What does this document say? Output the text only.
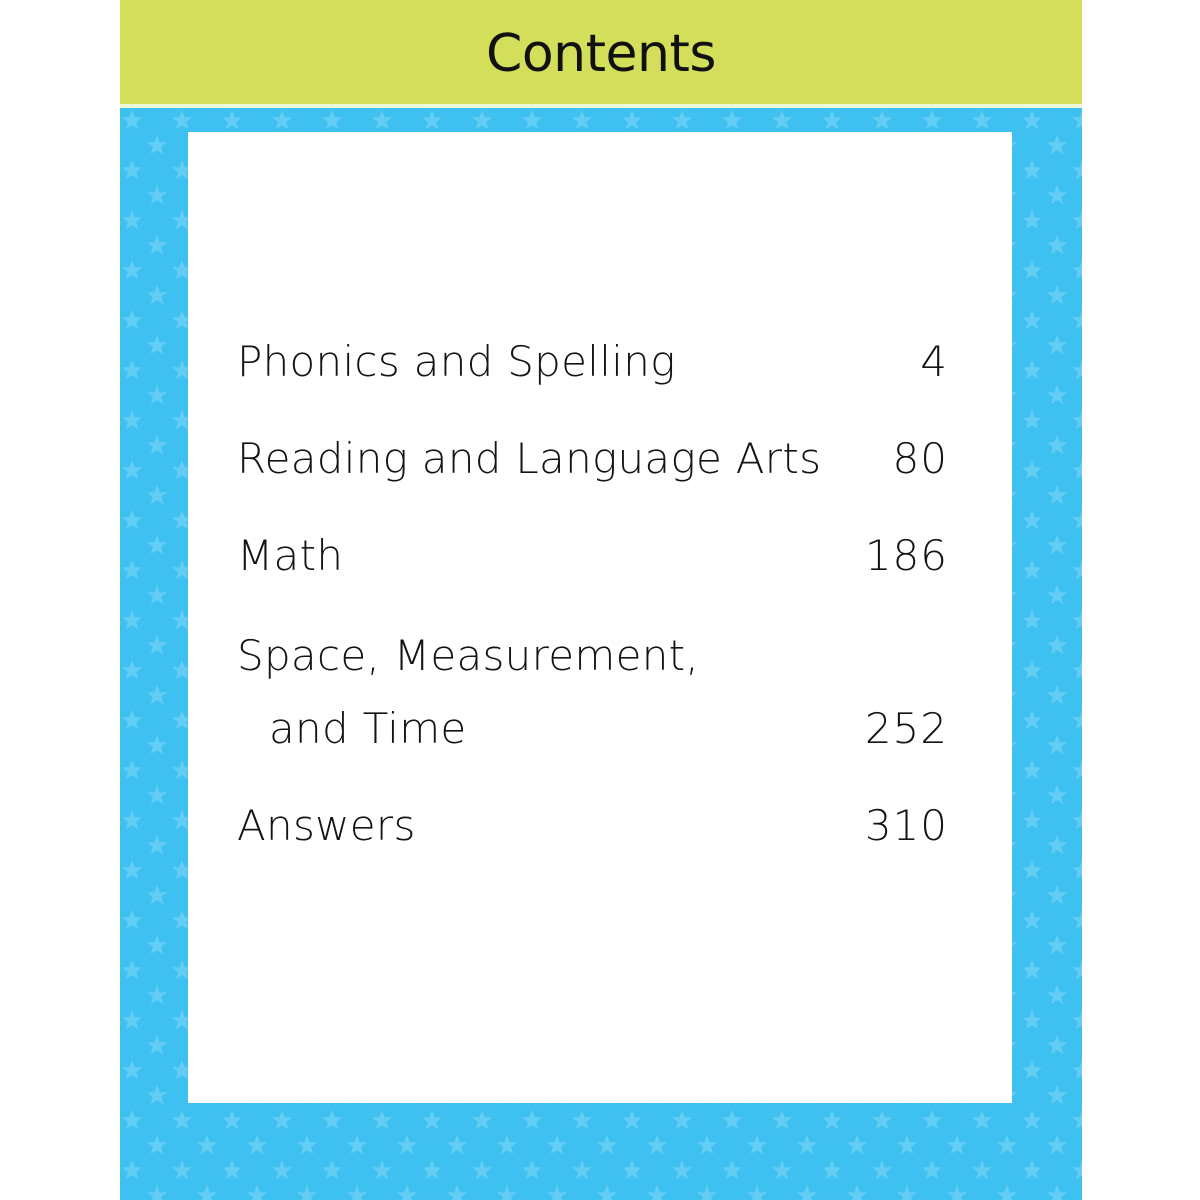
Contents
Phonics and Spelling	4
Reading and Language Arts 80
Math	186
Space, Measurement,
and Time	252
Answers	310
